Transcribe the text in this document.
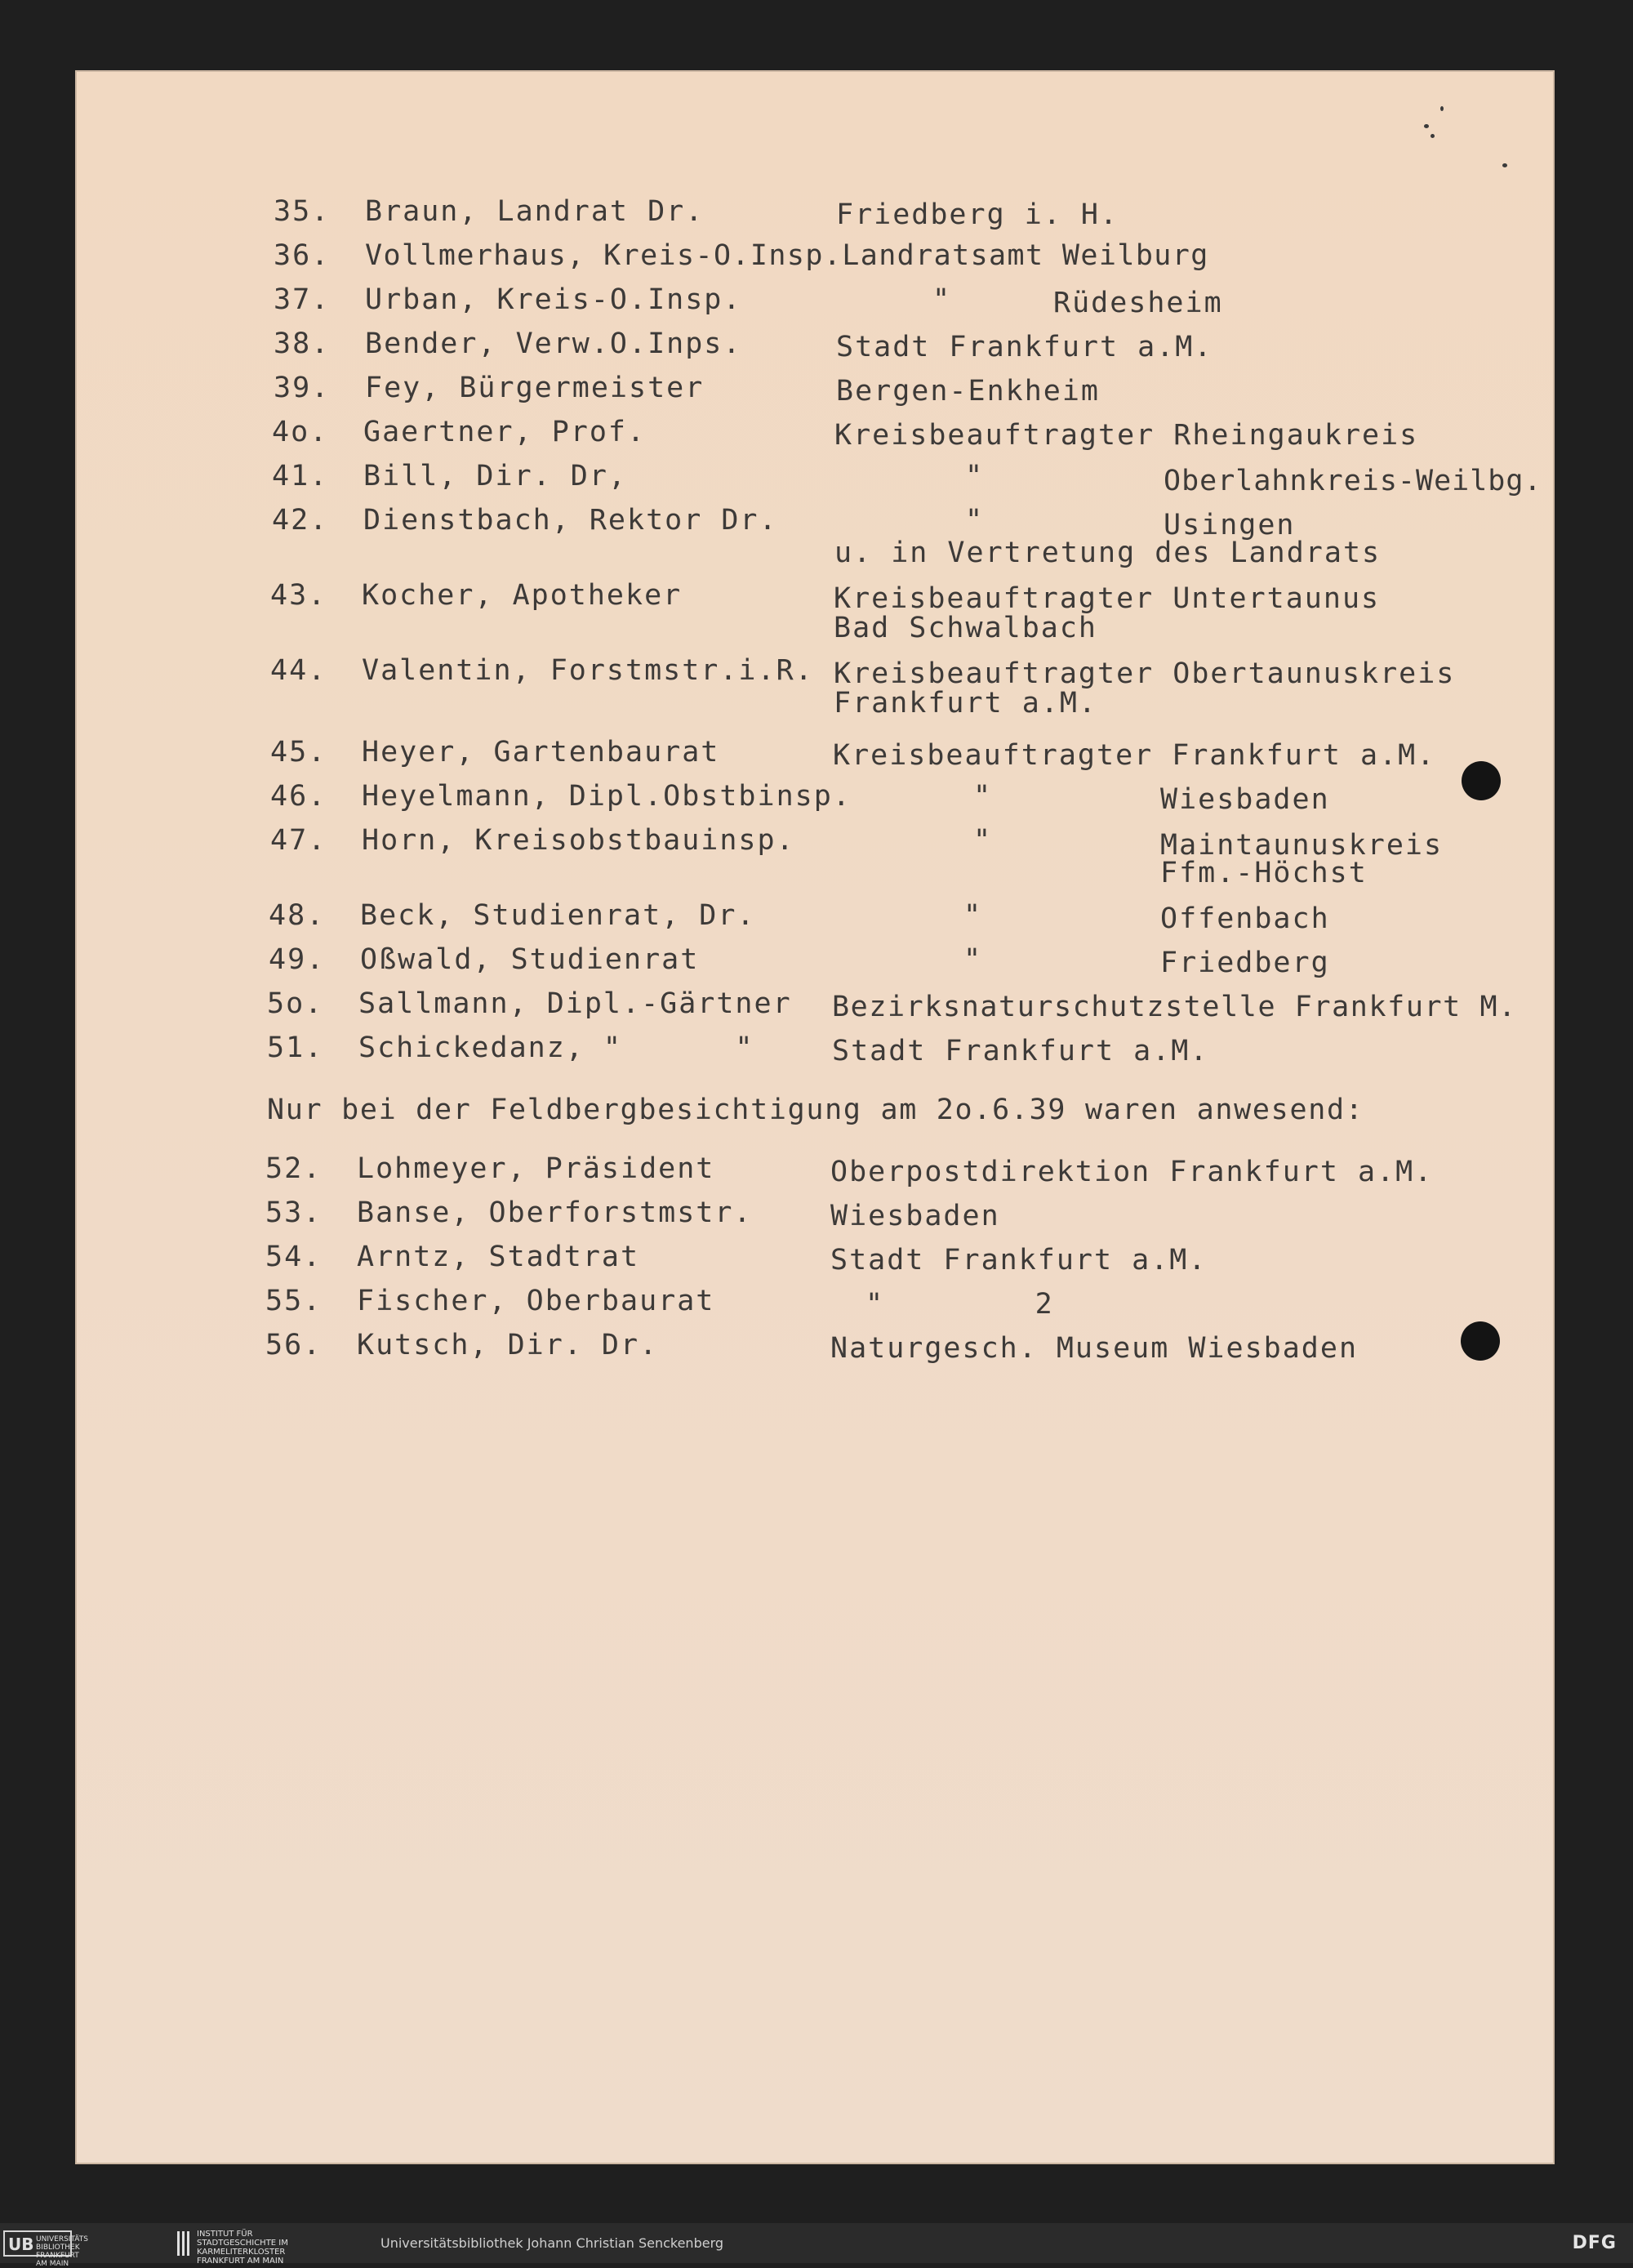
35. Braun, Landrat Dr.	Friedberg i. H.
36. Vollmerhaus, Kreis-O.Insp.Landratsamt Weilburg
37. Urban, Kreis-O.Insp.	"	Rüdesheim
38. Bender, Verw.O.Inps.	Stadt Frankfurt a.M.
39. Fey, Bürgermeister	Bergen-Enkheim
4o. Gaertner, Prof.	Kreisbeauftragter Rheingaukreis
41. Bill, Dir. Dr,	"	Oberlahnkreis-Weilbg.
42. Dienstbach, Rektor Dr.	"	Usingen
u. in Vertretung des Landrats
43. Kocher, Apotheker	Kreisbeauftragter Untertaunus
Bad Schwalbach
44. Valentin, Forstmstr.i.R. Kreisbeauftragter Obertaunuskreis
Frankfurt a.M.
45. Heyer, Gartenbaurat	Kreisbeauftragter Frankfurt a.M.
46. Heyelmann, Dipl.Obstbinsp.	"	Wiesbaden
47. Horn, Kreisobstbauinsp.	"	Maintaunuskreis
Ffm.-Höchst
48. Beck, Studienrat, Dr.	"	Offenbach
49. Oßwald, Studienrat	"	Friedberg
5o. Sallmann, Dipl.-Gärtner Bezirksnaturschutzstelle Frankfurt M.
51. Schickedanz, "      "	Stadt Frankfurt a.M.
Nur bei der Feldbergbesichtigung am 2o.6.39 waren anwesend:
52. Lohmeyer, Präsident	Oberpostdirektion Frankfurt a.M.
53. Banse, Oberforstmstr.	Wiesbaden
54. Arntz, Stadtrat	Stadt Frankfurt a.M.
55. Fischer, Oberbaurat	"        2
56. Kutsch, Dir. Dr.	Naturgesch. Museum Wiesbaden
UB UNIVERSITÄTS BIBLIOTHEK FRANKFURT AM MAIN
INSTITUT FÜR STADTGESCHICHTE IM KARMELITERKLOSTER FRANKFURT AM MAIN
Universitätsbibliothek Johann Christian Senckenberg	DFG
